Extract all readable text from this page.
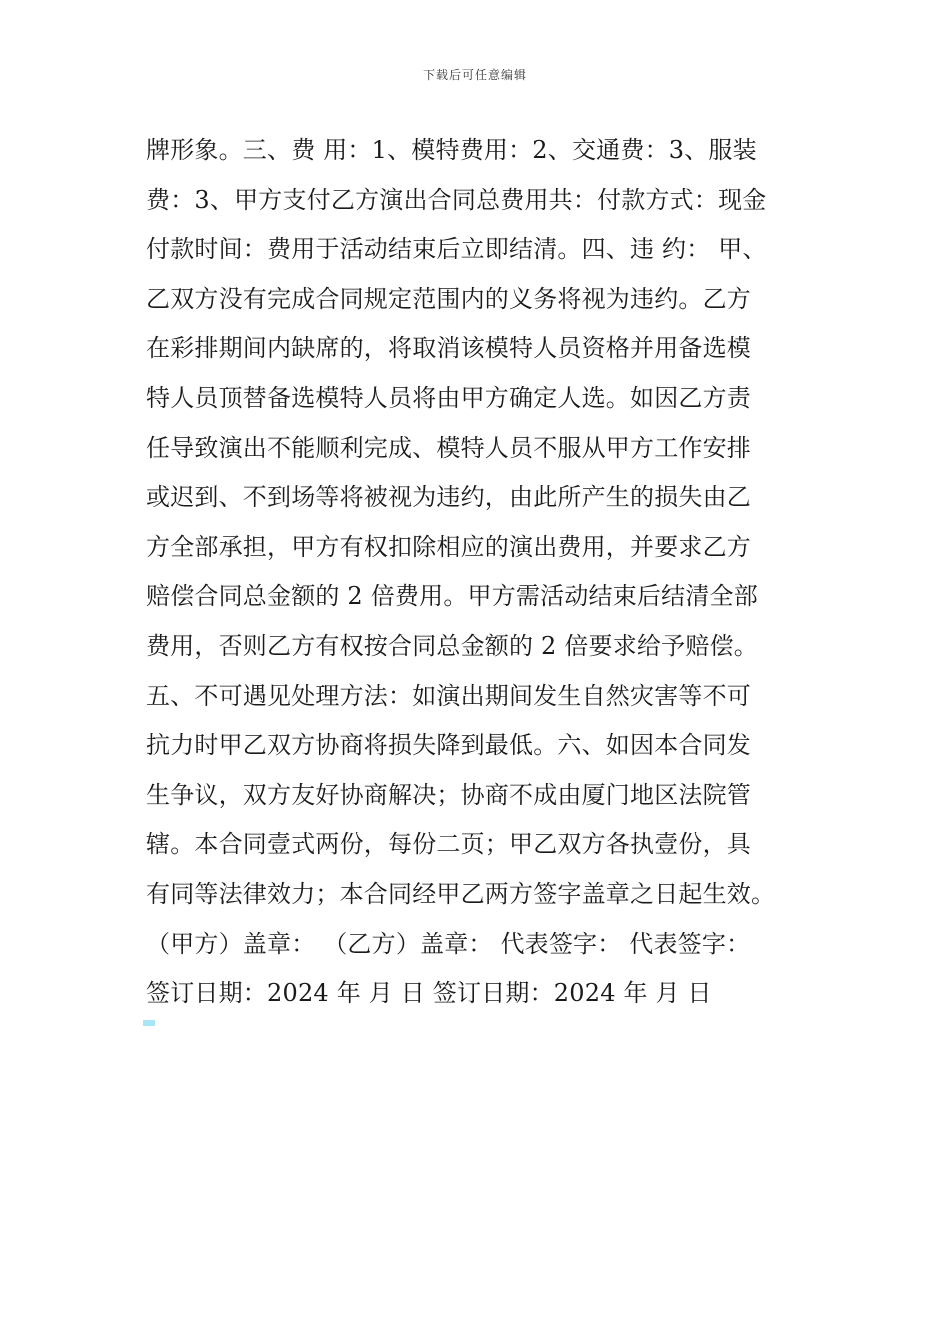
下载后可任意编辑
牌形象。三、费 用：1、模特费用：2、交通费：3、服装
费：3、甲方支付乙方演出合同总费用共：付款方式：现金
付款时间：费用于活动结束后立即结清。四、违 约： 甲、
乙双方没有完成合同规定范围内的义务将视为违约。乙方
在彩排期间内缺席的，将取消该模特人员资格并用备选模
特人员顶替备选模特人员将由甲方确定人选。如因乙方责
任导致演出不能顺利完成、模特人员不服从甲方工作安排
或迟到、不到场等将被视为违约，由此所产生的损失由乙
方全部承担，甲方有权扣除相应的演出费用，并要求乙方
赔偿合同总金额的 2 倍费用。甲方需活动结束后结清全部
费用，否则乙方有权按合同总金额的 2 倍要求给予赔偿。
五、不可遇见处理方法：如演出期间发生自然灾害等不可
抗力时甲乙双方协商将损失降到最低。六、如因本合同发
生争议，双方友好协商解决；协商不成由厦门地区法院管
辖。本合同壹式两份，每份二页；甲乙双方各执壹份，具
有同等法律效力；本合同经甲乙两方签字盖章之日起生效。
（甲方）盖章： （乙方）盖章： 代表签字： 代表签字：
签订日期：2024 年 月 日 签订日期：2024 年 月 日
